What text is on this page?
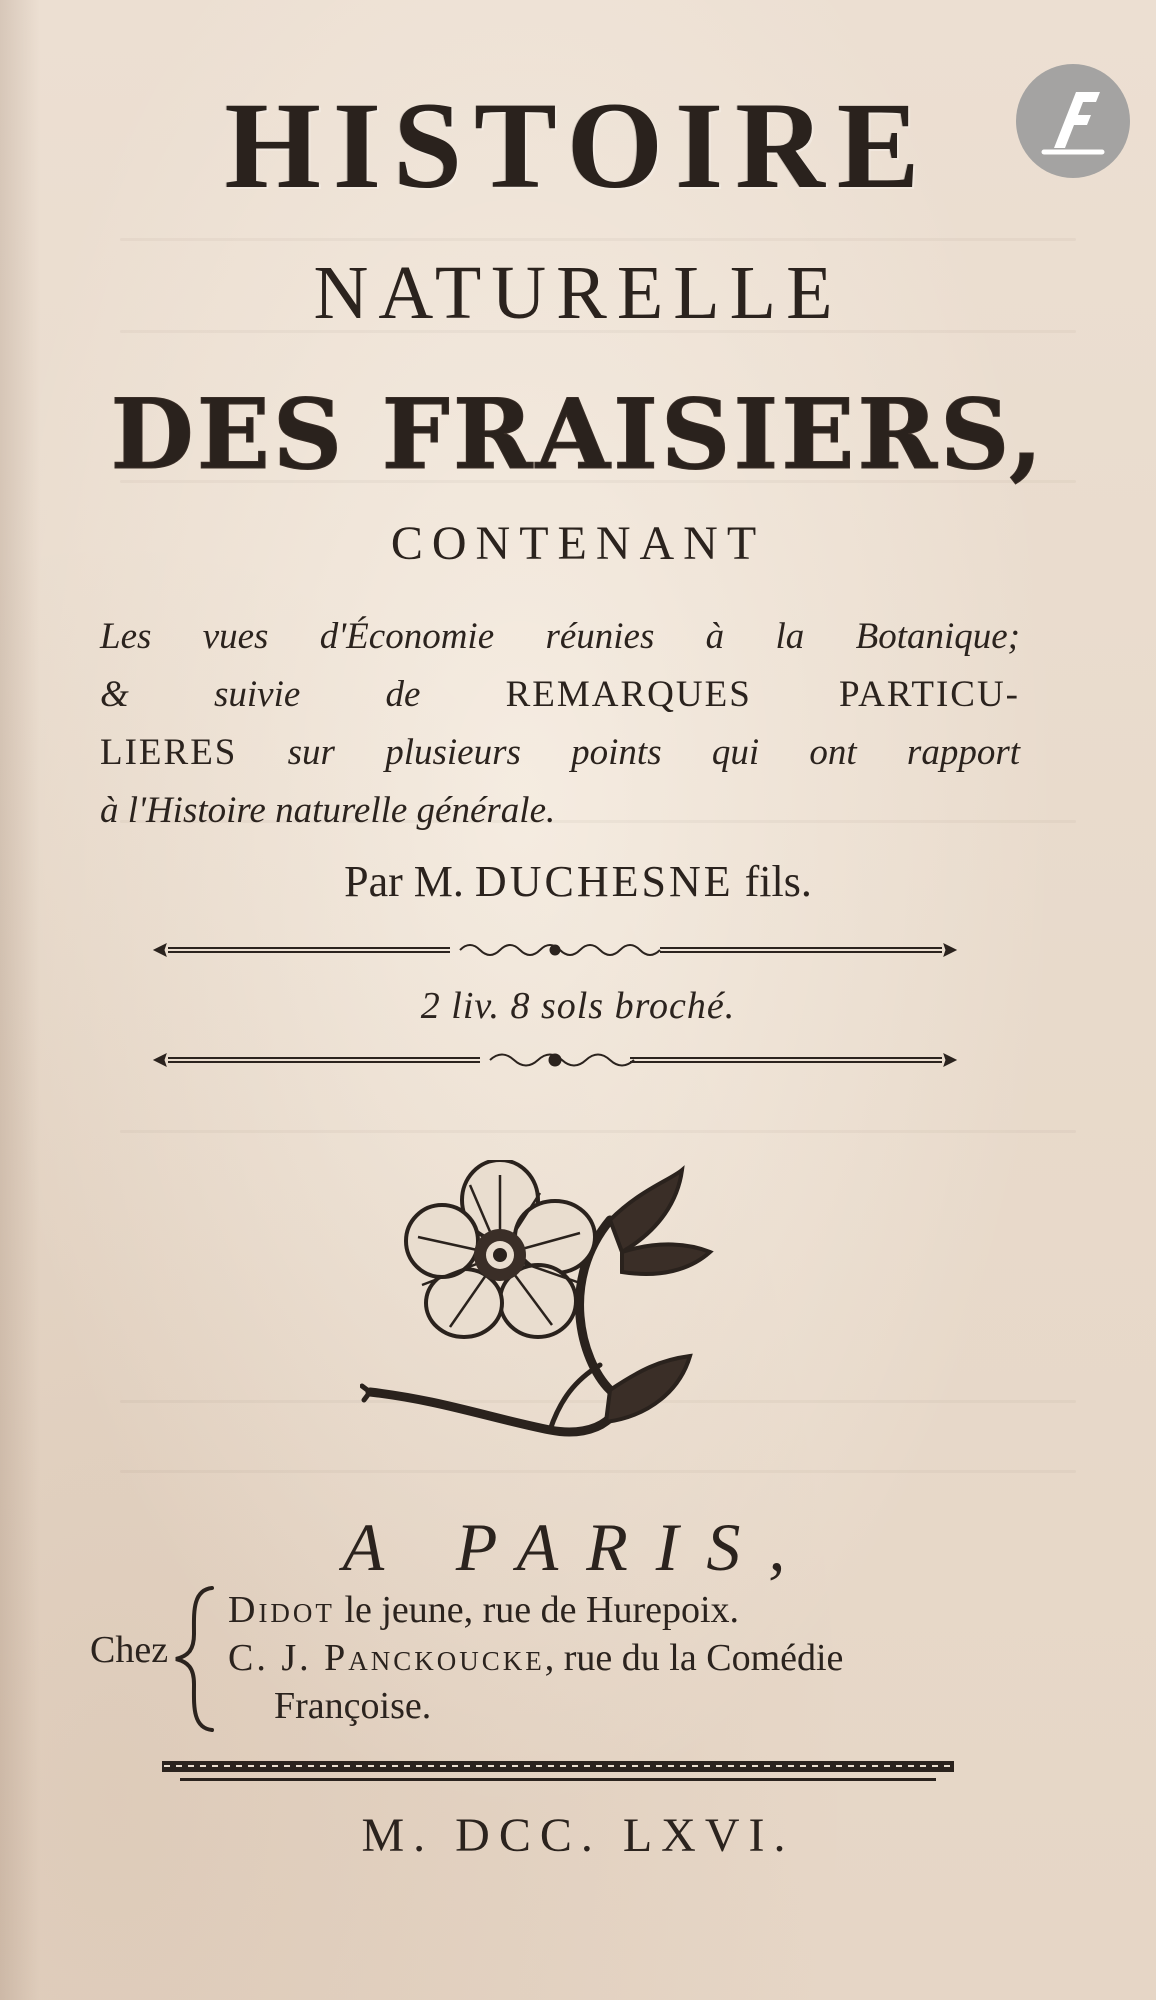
HISTOIRE
NATURELLE
DES FRAISIERS,
CONTENANT
Les vues d'Économie réunies à la Botanique;
& suivie de REMARQUES PARTICU-
LIERES sur plusieurs points qui ont rapport
à l'Histoire naturelle générale.
Par M. DUCHESNE fils.
2 liv. 8 sols broché.
A PARIS,
Chez
Didot le jeune, rue de Hurepoix.
C. J. Panckoucke, rue du la Comédie
Françoise.
M. DCC. LXVI.
